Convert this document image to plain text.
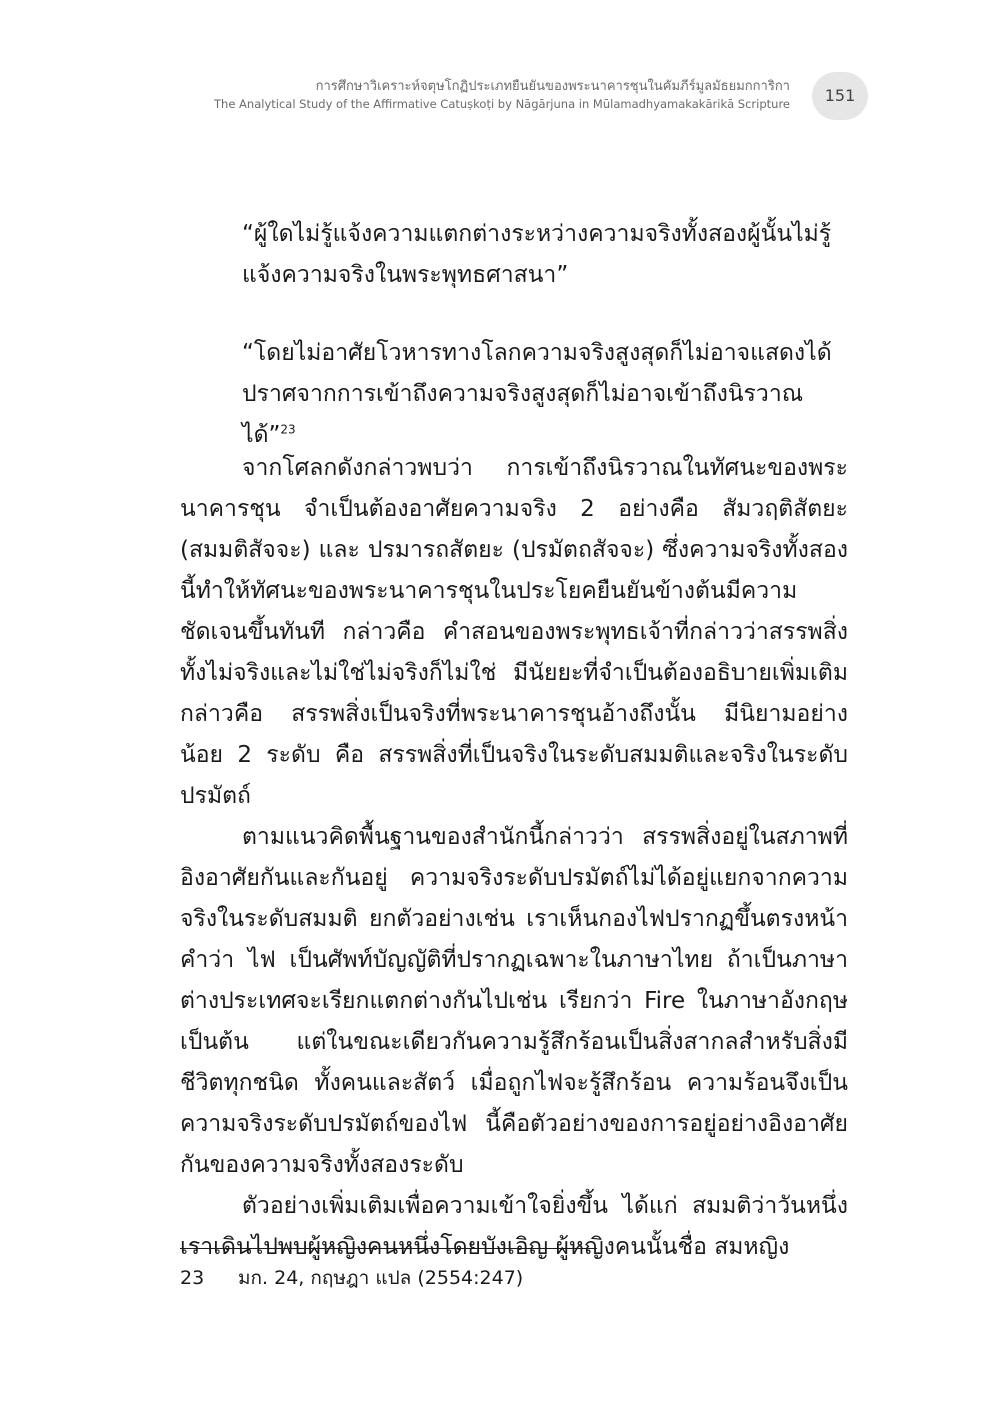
การศึกษาวิเคราะห์จตุษโกฏิประเภทยืนยันของพระนาคารชุนในคัมภีร์มูลมัธยมกการิกา
The Analytical Study of the Affirmative Catuṣkoṭi by Nāgārjuna in Mūlamadhyamakakārikā Scripture	151
“ผู้ใดไม่รู้แจ้งความแตกต่างระหว่างความจริงทั้งสองผู้นั้นไม่รู้แจ้งความจริงในพระพุทธศาสนา”
“โดยไม่อาศัยโวหารทางโลกความจริงสูงสุดก็ไม่อาจแสดงได้ ปราศจากการเข้าถึงความจริงสูงสุดก็ไม่อาจเข้าถึงนิรวาณได้”$^{23}$

จากโศลกดังกล่าวพบว่า การเข้าถึงนิรวาณในทัศนะของพระนาคารชุน จำเป็นต้องอาศัยความจริง 2 อย่างคือ สัมวฤติสัตยะ (สมมติสัจจะ) และ ปรมารถสัตยะ (ปรมัตถสัจจะ) ซึ่งความจริงทั้งสองนี้ทำให้ทัศนะของพระนาคารชุนในประโยคยืนยันข้างต้นมีความชัดเจนขึ้นทันที กล่าวคือ คำสอนของพระพุทธเจ้าที่กล่าวว่าสรรพสิ่งทั้งไม่จริงและไม่ใช่ไม่จริงก็ไม่ใช่ มีนัยยะที่จำเป็นต้องอธิบายเพิ่มเติม กล่าวคือ สรรพสิ่งเป็นจริงที่พระนาคารชุนอ้างถึงนั้น มีนิยามอย่างน้อย 2 ระดับ คือ สรรพสิ่งที่เป็นจริงในระดับสมมติและจริงในระดับปรมัตถ์

ตามแนวคิดพื้นฐานของสำนักนี้กล่าวว่า สรรพสิ่งอยู่ในสภาพที่อิงอาศัยกันและกันอยู่ ความจริงระดับปรมัตถ์ไม่ได้อยู่แยกจากความจริงในระดับสมมติ ยกตัวอย่างเช่น เราเห็นกองไฟปรากฏขึ้นตรงหน้า คำว่า ไฟ เป็นศัพท์บัญญัติที่ปรากฏเฉพาะในภาษาไทย ถ้าเป็นภาษาต่างประเทศจะเรียกแตกต่างกันไปเช่น เรียกว่า Fire ในภาษาอังกฤษ เป็นต้น แต่ในขณะเดียวกันความรู้สึกร้อนเป็นสิ่งสากลสำหรับสิ่งมีชีวิตทุกชนิด ทั้งคนและสัตว์ เมื่อถูกไฟจะรู้สึกร้อน ความร้อนจึงเป็นความจริงระดับปรมัตถ์ของไฟ นี้คือตัวอย่างของการอยู่อย่างอิงอาศัยกันของความจริงทั้งสองระดับ

ตัวอย่างเพิ่มเติมเพื่อความเข้าใจยิ่งขึ้น ได้แก่ สมมติว่าวันหนึ่ง เราเดินไปพบผู้หญิงคนหนึ่งโดยบังเอิญ ผู้หญิงคนนั้นชื่อ สมหญิง

23 มก. 24, กฤษฎา แปล (2554:247)
